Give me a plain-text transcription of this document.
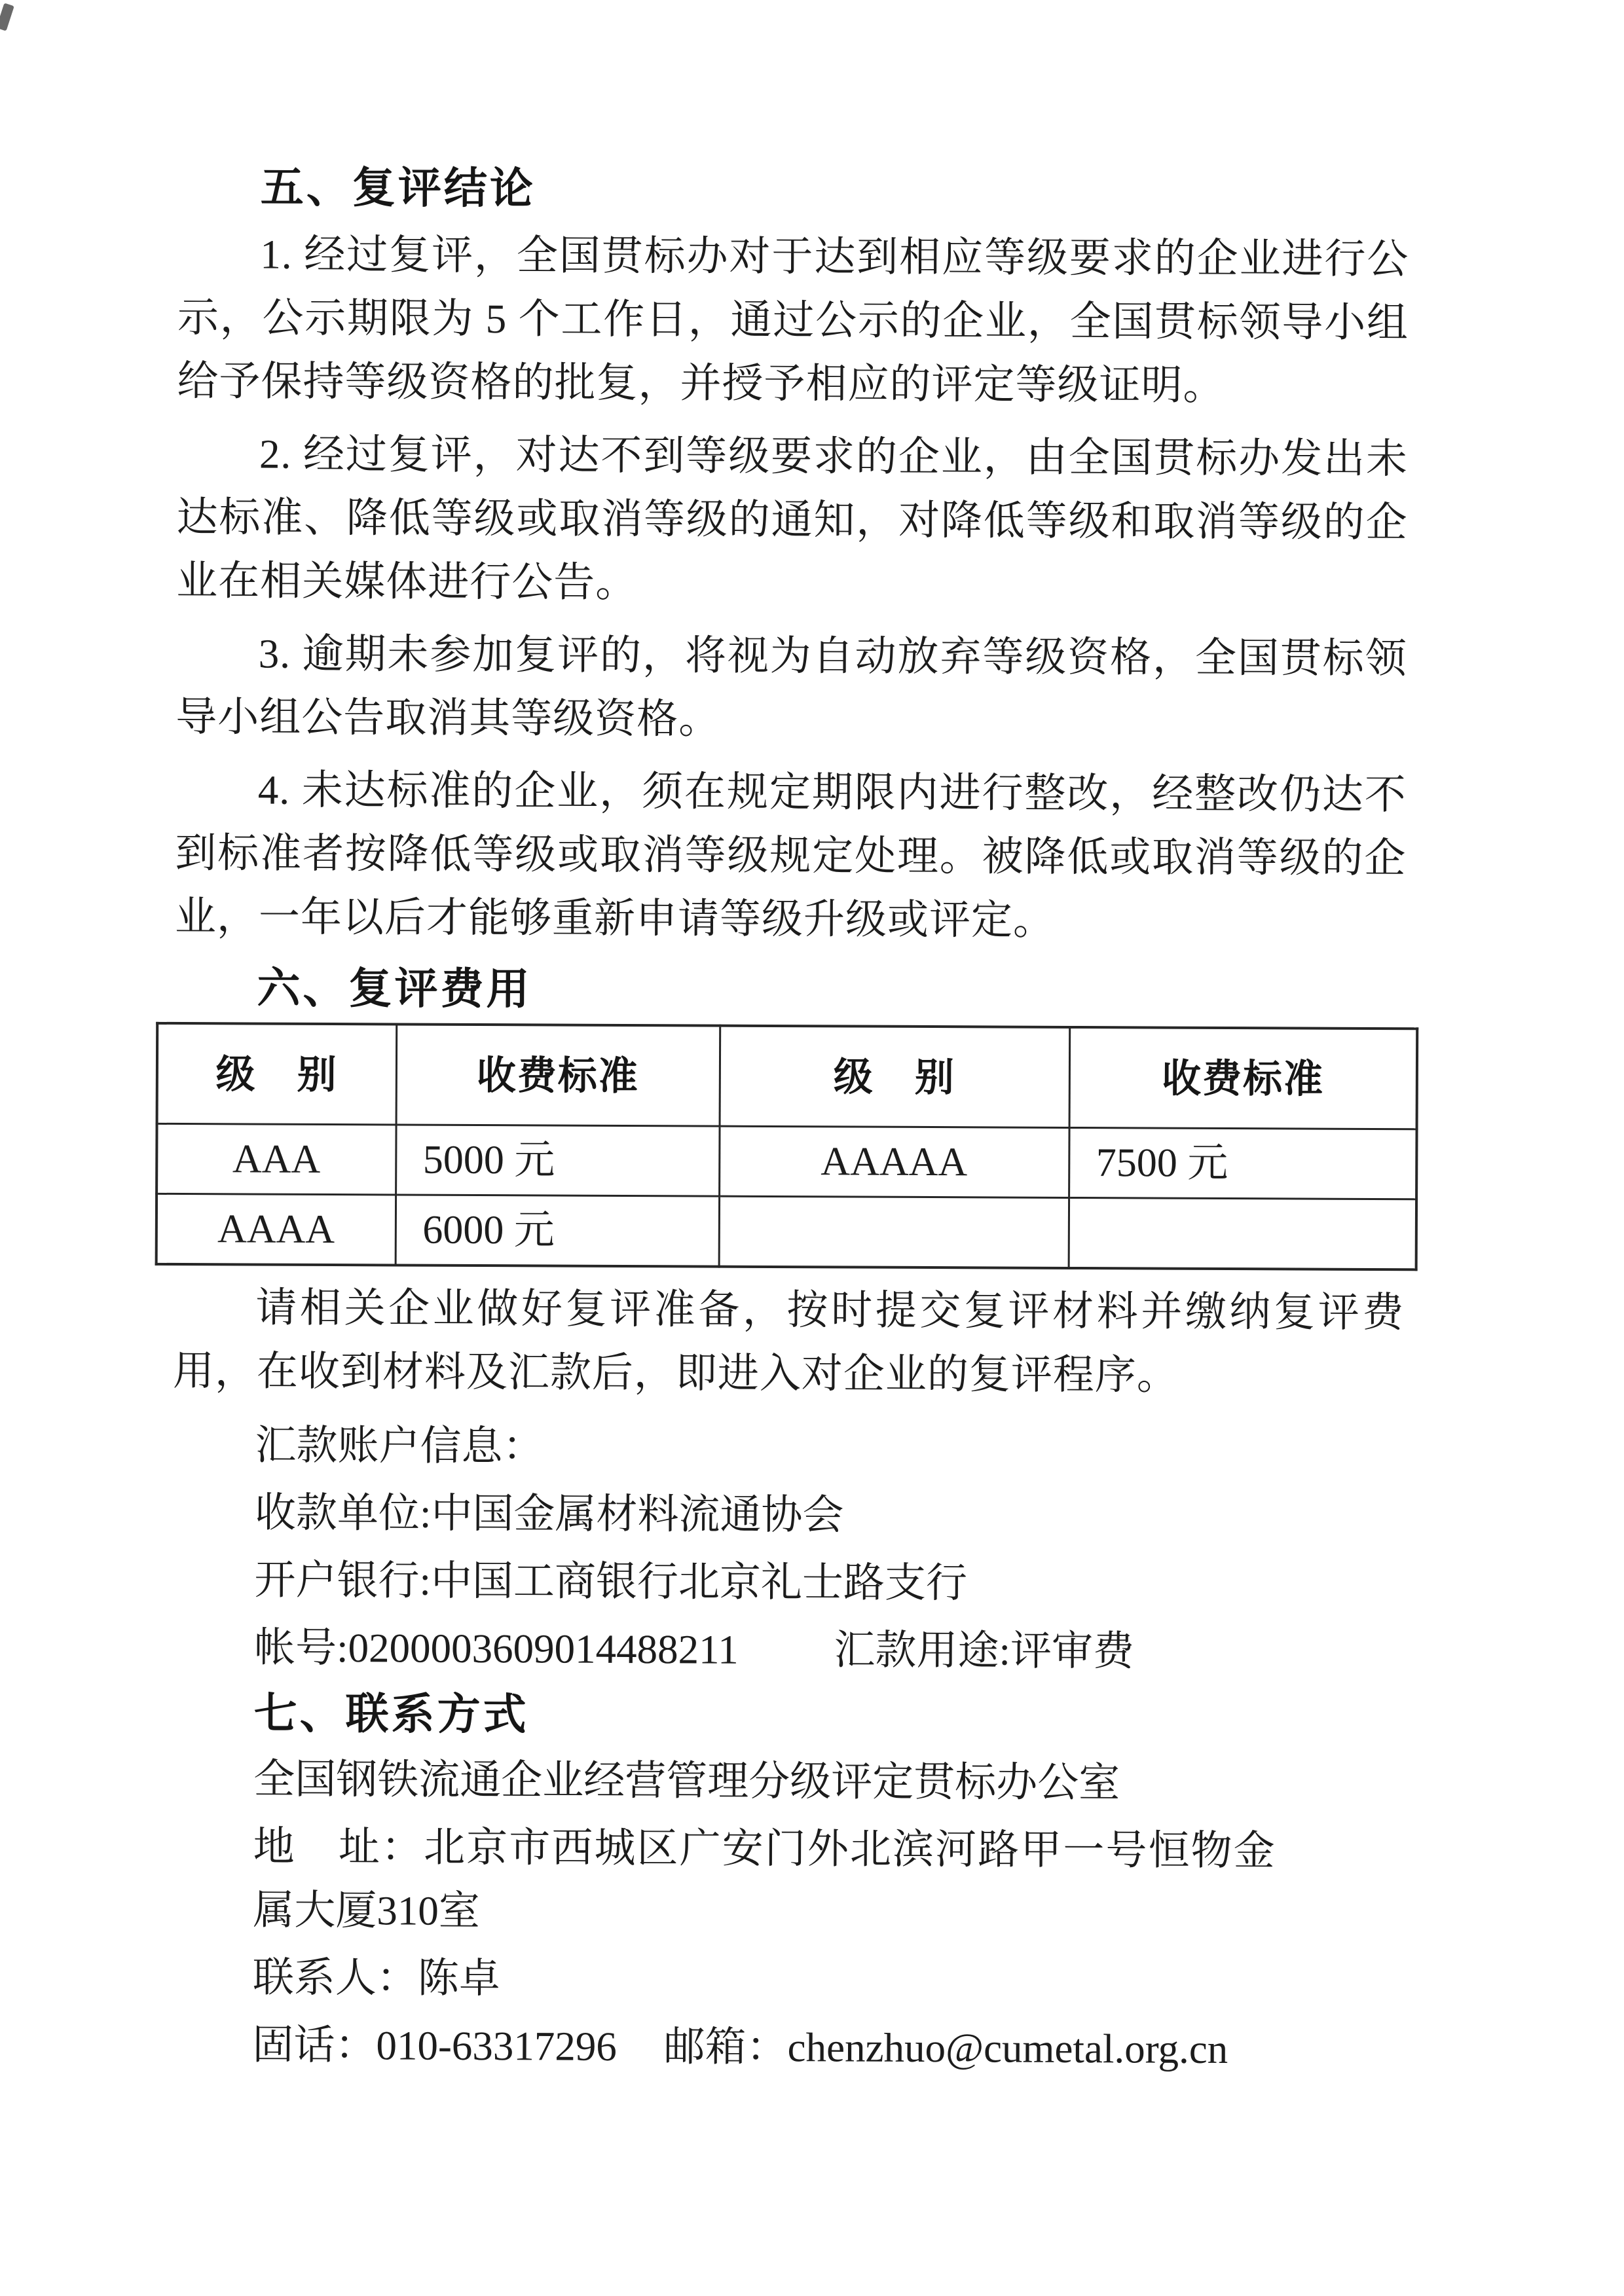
五、复评结论

1. 经过复评，全国贯标办对于达到相应等级要求的企业进行公示，公示期限为 5 个工作日，通过公示的企业，全国贯标领导小组给予保持等级资格的批复，并授予相应的评定等级证明。

2. 经过复评，对达不到等级要求的企业，由全国贯标办发出未达标准、降低等级或取消等级的通知，对降低等级和取消等级的企业在相关媒体进行公告。

3. 逾期未参加复评的，将视为自动放弃等级资格，全国贯标领导小组公告取消其等级资格。

4. 未达标准的企业，须在规定期限内进行整改，经整改仍达不到标准者按降低等级或取消等级规定处理。被降低或取消等级的企业，一年以后才能够重新申请等级升级或评定。

六、复评费用
级　别	收费标准	级　别	收费标准
AAA	5000 元	AAAAA	7500 元
AAAA	6000 元		

请相关企业做好复评准备，按时提交复评材料并缴纳复评费用，在收到材料及汇款后，即进入对企业的复评程序。

汇款账户信息：
收款单位:中国金属材料流通协会
开户银行:中国工商银行北京礼士路支行
帐号:0200003609014488211 汇款用途:评审费
七、联系方式
全国钢铁流通企业经营管理分级评定贯标办公室
地　址：北京市西城区广安门外北滨河路甲一号恒物金属大厦310室
联系人：陈卓
固话：010-63317296 邮箱：chenzhuo@cumetal.org.cn
